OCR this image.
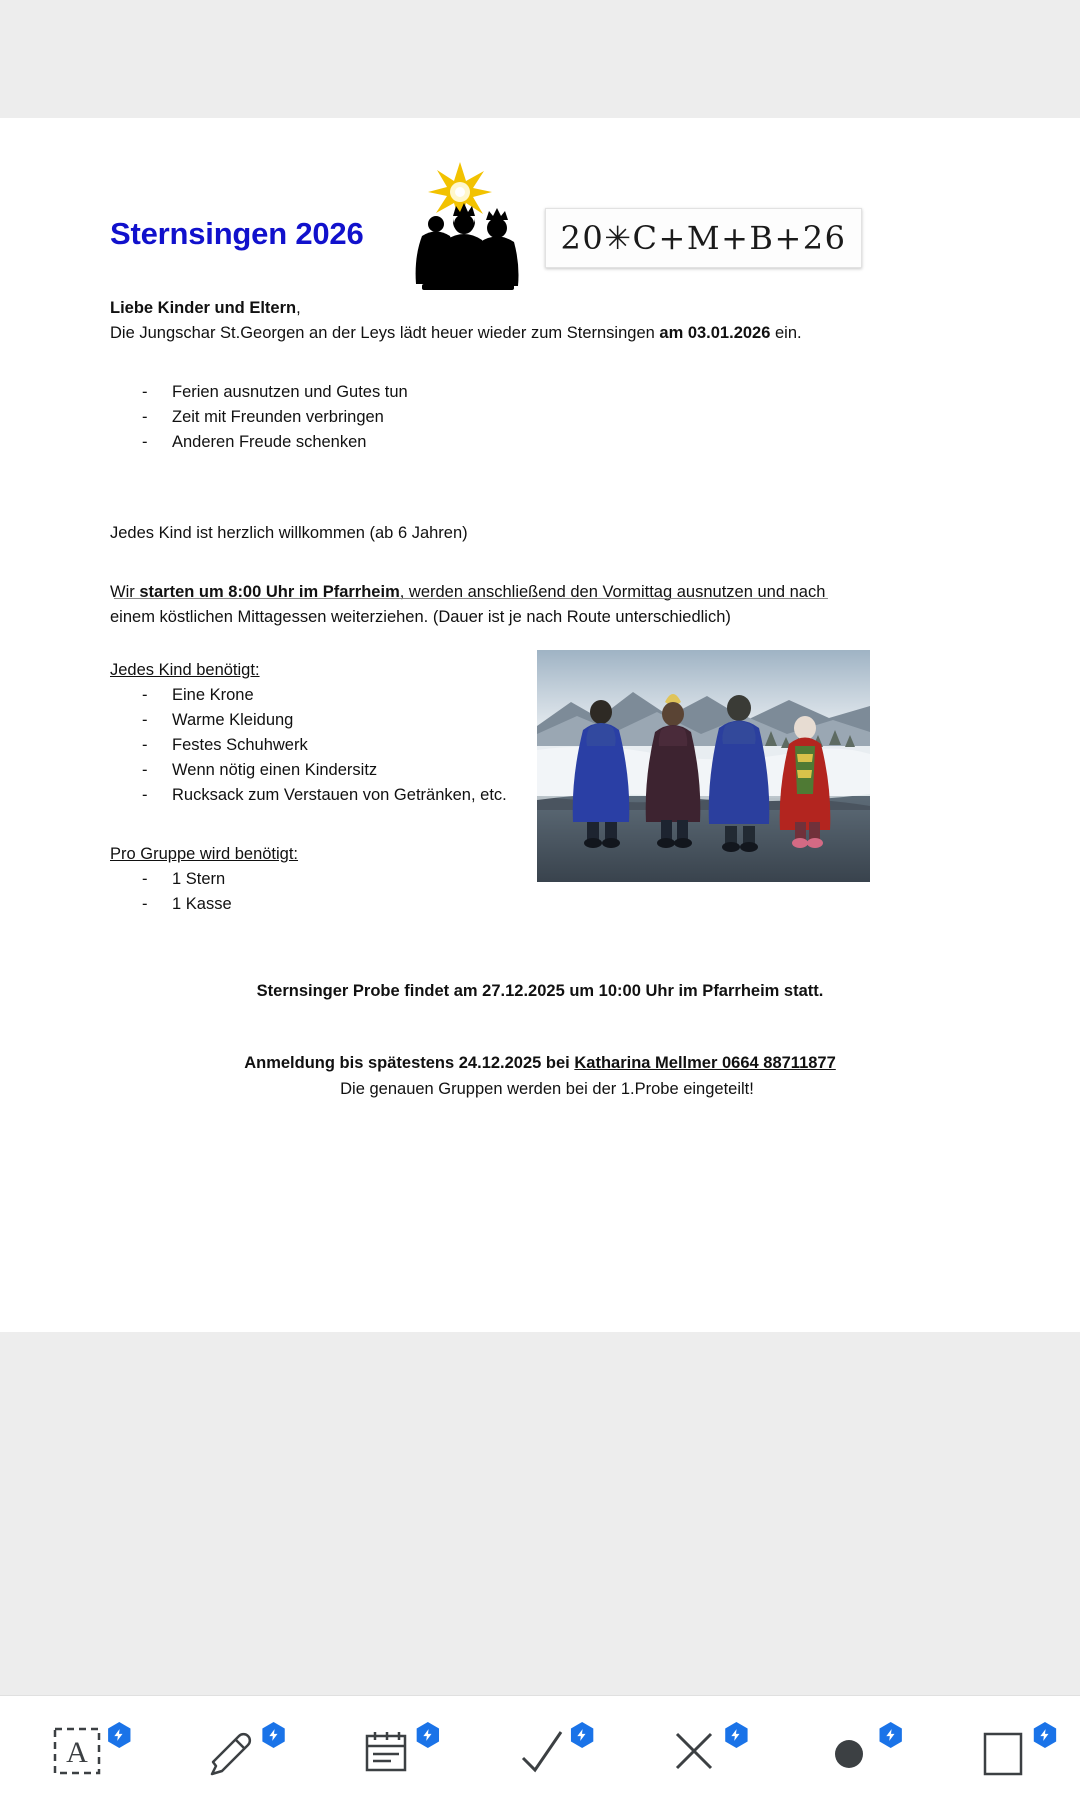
Sternsingen 2026	20✳C+M+B+26

Liebe Kinder und Eltern,

Die Jungschar St.Georgen an der Leys lädt heuer wieder zum Sternsingen am 03.01.2026 ein.

- Ferien ausnutzen und Gutes tun
- Zeit mit Freunden verbringen
- Anderen Freude schenken

Jedes Kind ist herzlich willkommen (ab 6 Jahren)

Wir starten um 8:00 Uhr im Pfarrheim, werden anschließend den Vormittag ausnutzen und nach einem köstlichen Mittagessen weiterziehen. (Dauer ist je nach Route unterschiedlich)

Jedes Kind benötigt:
- Eine Krone
- Warme Kleidung
- Festes Schuhwerk
- Wenn nötig einen Kindersitz
- Rucksack zum Verstauen von Getränken, etc.
Pro Gruppe wird benötigt:
- 1 Stern
- 1 Kasse
Sternsinger Probe findet am 27.12.2025 um 10:00 Uhr im Pfarrheim statt.
Anmeldung bis spätestens 24.12.2025 bei Katharina Mellmer 0664 88711877
Die genauen Gruppen werden bei der 1.Probe eingeteilt!
A
